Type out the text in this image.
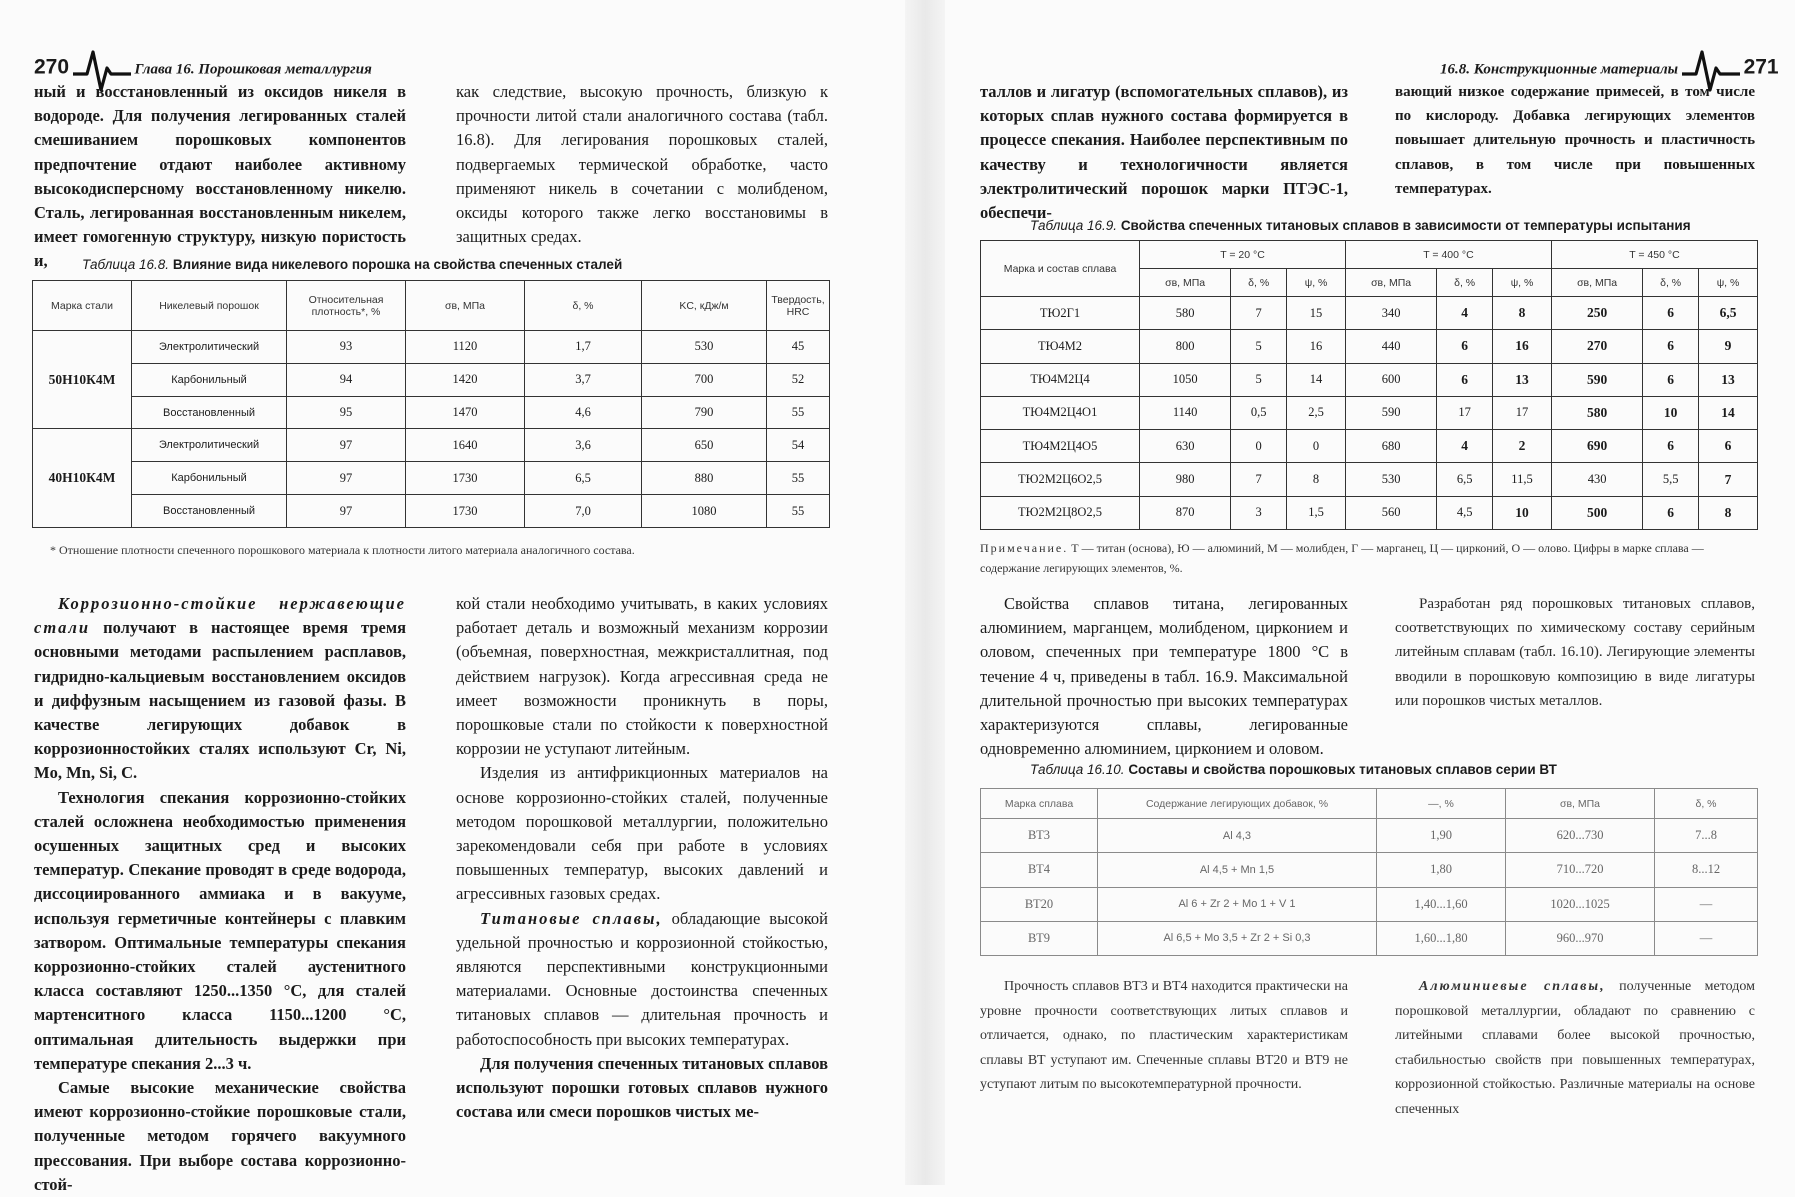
270	Глава 16. Порошковая металлургия

ный и восстановленный из оксидов никеля в водороде. Для получения легированных сталей смешиванием порошковых компонентов предпочтение отдают наиболее активному высокодисперсному восстановленному никелю. Сталь, легированная восстановленным никелем, имеет гомогенную структуру, низкую пористость и,

как следствие, высокую прочность, близкую к прочности литой стали аналогичного состава (табл. 16.8). Для легирования порошковых сталей, подвергаемых термической обработке, часто применяют никель в сочетании с молибденом, оксиды которого также легко восстановимы в защитных средах.

Таблица 16.8. Влияние вида никелевого порошка на свойства спеченных сталей
Марка стали	Никелевый порошок	Относительная плотность*, %	σв, МПа	δ, %	KC, кДж/м	Твердость, HRC
50Н10К4М	Электролитический	93	1120	1,7	530	45
	Карбонильный	94	1420	3,7	700	52
	Восстановленный	95	1470	4,6	790	55
40Н10К4М	Электролитический	97	1640	3,6	650	54
	Карбонильный	97	1730	6,5	880	55
	Восстановленный	97	1730	7,0	1080	55
* Отношение плотности спеченного порошкового материала к плотности литого материала аналогичного состава.

Коррозионно-стойкие нержавеющие стали получают в настоящее время тремя основными методами распылением расплавов, гидридно-кальциевым восстановлением оксидов и диффузным насыщением из газовой фазы. В качестве легирующих добавок в коррозионностойких сталях используют Cr, Ni, Mo, Mn, Si, C.

Технология спекания коррозионно-стойких сталей осложнена необходимостью применения осушенных защитных сред и высоких температур. Спекание проводят в среде водорода, диссоциированного аммиака и в вакууме, используя герметичные контейнеры с плавким затвором. Оптимальные температуры спекания коррозионно-стойких сталей аустенитного класса составляют 1250...1350 °С, для сталей мартенситного класса 1150...1200 °С, оптимальная длительность выдержки при температуре спекания 2...3 ч.

Самые высокие механические свойства имеют коррозионно-стойкие порошковые стали, полученные методом горячего вакуумного прессования. При выборе состава коррозионно-стой-

кой стали необходимо учитывать, в каких условиях работает деталь и возможный механизм коррозии (объемная, поверхностная, межкристаллитная, под действием нагрузок). Когда агрессивная среда не имеет возможности проникнуть в поры, порошковые стали по стойкости к поверхностной коррозии не уступают литейным.

Изделия из антифрикционных материалов на основе коррозионно-стойких сталей, полученные методом порошковой металлургии, положительно зарекомендовали себя при работе в условиях повышенных температур, высоких давлений и агрессивных газовых средах.

Титановые сплавы, обладающие высокой удельной прочностью и коррозионной стойкостью, являются перспективными конструкционными материалами. Основные достоинства спеченных титановых сплавов — длительная прочность и работоспособность при высоких температурах.

Для получения спеченных титановых сплавов используют порошки готовых сплавов нужного состава или смеси порошков чистых ме-

16.8. Конструкционные материалы	271

таллов и лигатур (вспомогательных сплавов), из которых сплав нужного состава формируется в процессе спекания. Наиболее перспективным по качеству и технологичности является электролитический порошок марки ПТЭС-1, обеспечи-

вающий низкое содержание примесей, в том числе по кислороду. Добавка легирующих элементов повышает длительную прочность и пластичность сплавов, в том числе при повышенных температурах.

Таблица 16.9. Свойства спеченных титановых сплавов в зависимости от температуры испытания
Марка и состав сплава	T = 20 °С			T = 400 °С			T = 450 °С		
	σв, МПа	δ, %	ψ, %	σв, МПа	δ, %	ψ, %	σв, МПа	δ, %	ψ, %
ТЮ2Г1	580	7	15	340	4	8	250	6	6,5
ТЮ4М2	800	5	16	440	6	16	270	6	9
ТЮ4М2Ц4	1050	5	14	600	6	13	590	6	13
ТЮ4М2Ц4О1	1140	0,5	2,5	590	17	17	580	10	14
ТЮ4М2Ц4О5	630	0	0	680	4	2	690	6	6
ТЮ2М2Ц6О2,5	980	7	8	530	6,5	11,5	430	5,5	7
ТЮ2М2Ц8О2,5	870	3	1,5	560	4,5	10	500	6	8
Примечание. Т — титан (основа), Ю — алюминий, М — молибден, Г — марганец, Ц — цирконий, О — олово. Цифры в марке сплава — содержание легирующих элементов, %.

Свойства сплавов титана, легированных алюминием, марганцем, молибденом, цирконием и оловом, спеченных при температуре 1800 °С в течение 4 ч, приведены в табл. 16.9. Максимальной длительной прочностью при высоких температурах характеризуются сплавы, легированные одновременно алюминием, цирконием и оловом.

Разработан ряд порошковых титановых сплавов, соответствующих по химическому составу серийным литейным сплавам (табл. 16.10). Легирующие элементы вводили в порошковую композицию в виде лигатуры или порошков чистых металлов.

Таблица 16.10. Составы и свойства порошковых титановых сплавов серии ВТ
Марка сплава	Содержание легирующих добавок, %	—, %	σв, МПа	δ, %
ВТ3	Al 4,3	1,90	620...730	7...8
ВТ4	Al 4,5 + Mn 1,5	1,80	710...720	8...12
ВТ20	Al 6 + Zr 2 + Mo 1 + V 1	1,40...1,60	1020...1025	—
ВТ9	Al 6,5 + Mo 3,5 + Zr 2 + Si 0,3	1,60...1,80	960...970	—

Прочность сплавов ВТ3 и ВТ4 находится практически на уровне прочности соответствующих литых сплавов и отличается, однако, по пластическим характеристикам сплавы ВТ уступают им. Спеченные сплавы ВТ20 и ВТ9 не уступают литым по высокотемпературной прочности.

Алюминиевые сплавы, полученные методом порошковой металлургии, обладают по сравнению с литейными сплавами более высокой прочностью, стабильностью свойств при повышенных температурах, коррозионной стойкостью. Различные материалы на основе спеченных
